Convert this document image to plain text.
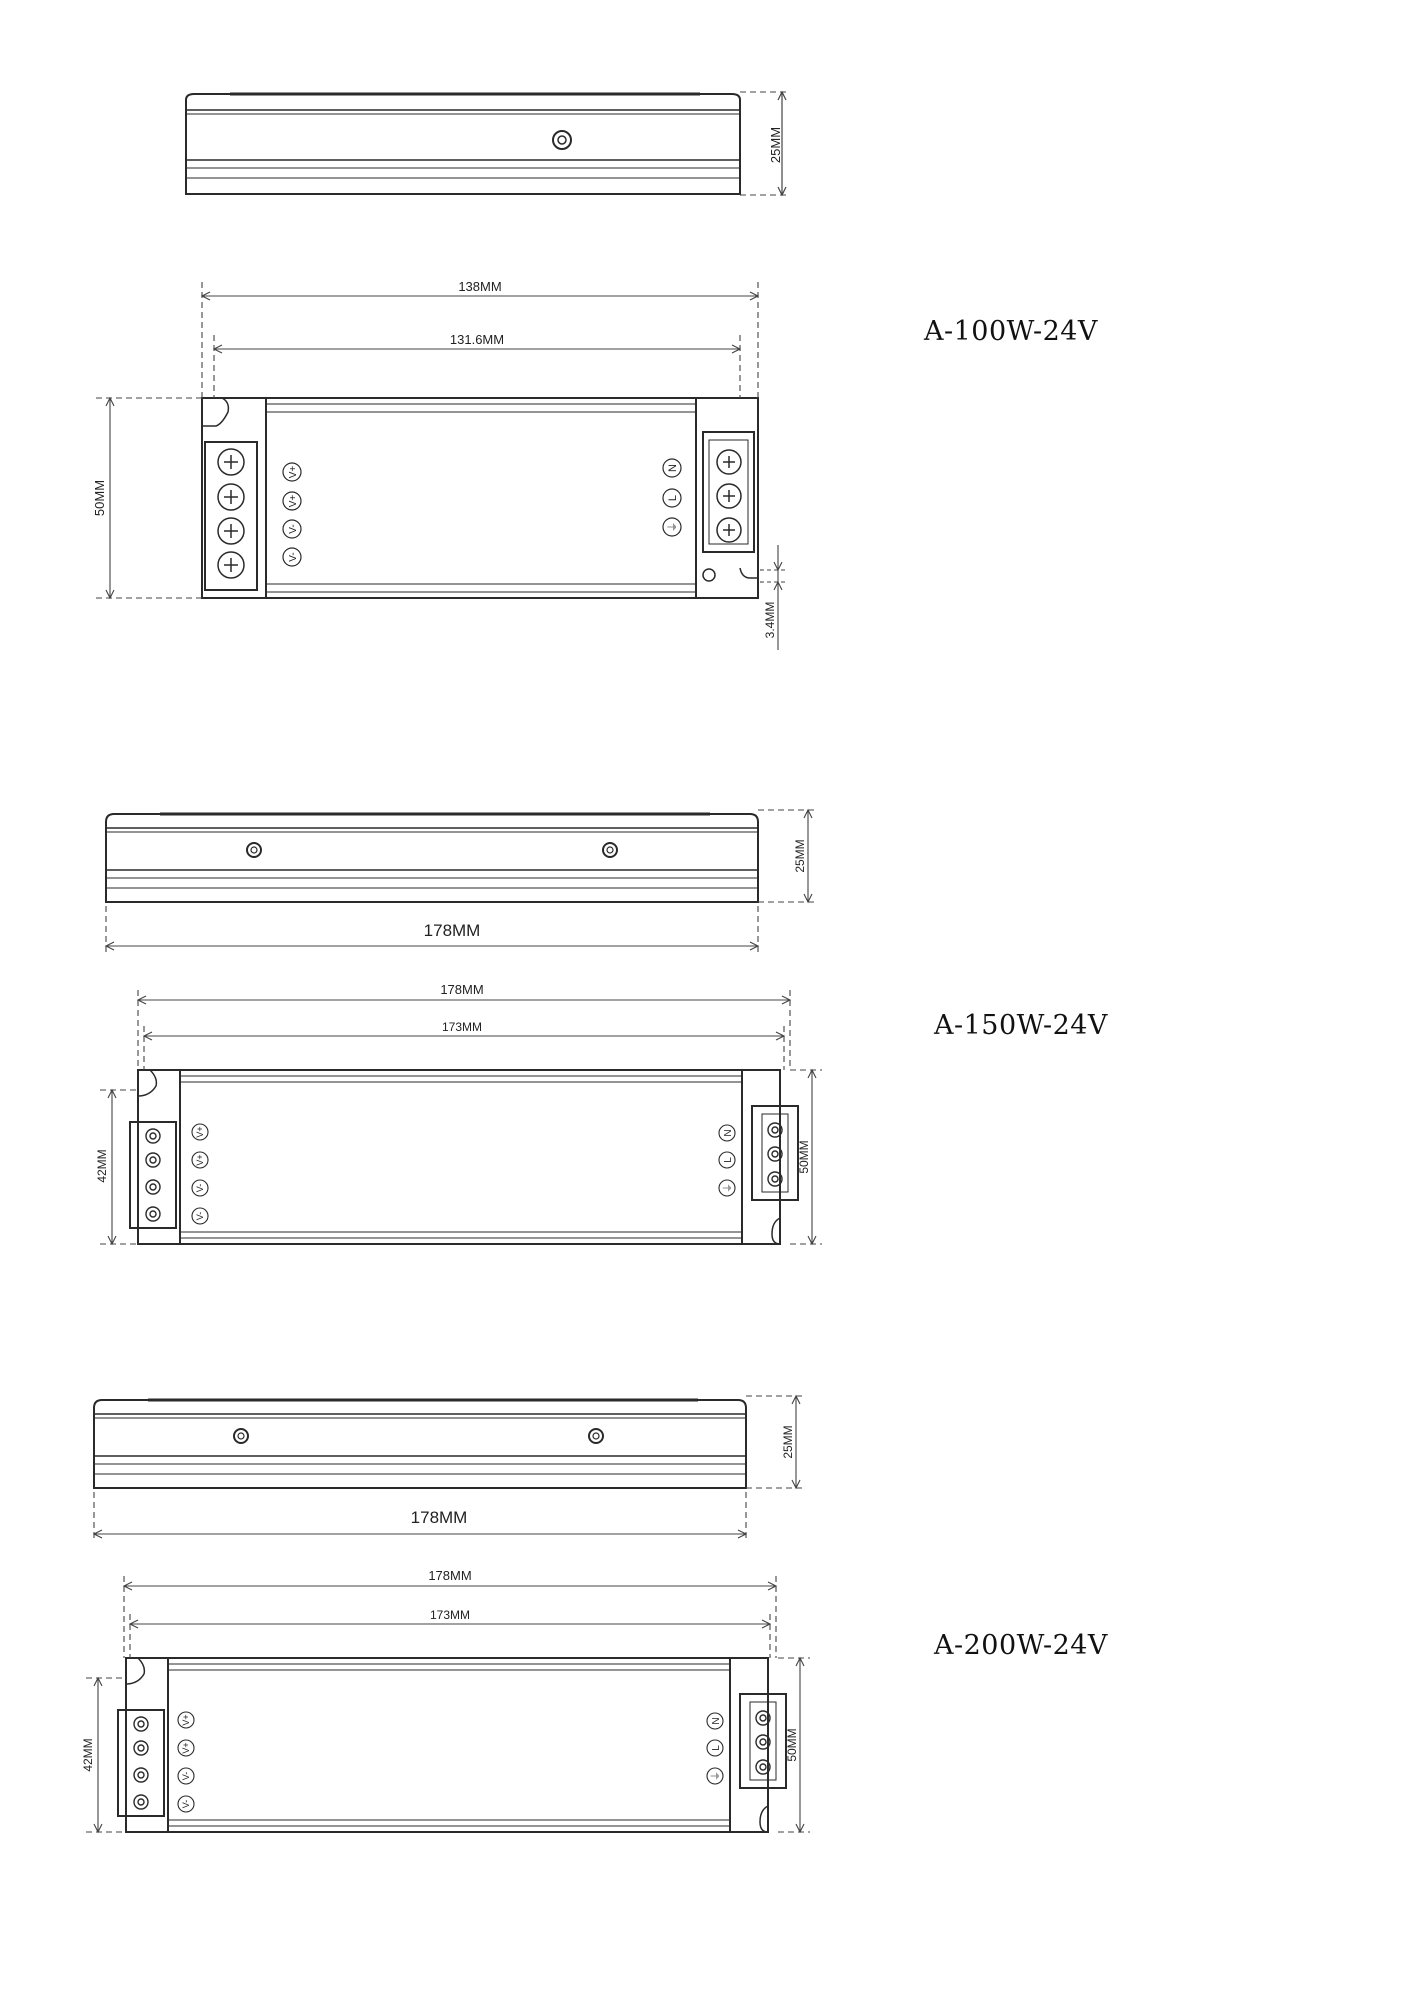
25MM
V+
V+
V-
V-
N
L
⏚
138MM
131.6MM
50MM
3.4MM
25MM
178MM
V+
V+
V-
V-
N
L
⏚
178MM
173MM
42MM	50MM
25MM
178MM
V+
V+
V-
V-
N
L
⏚
178MM
173MM
42MM	50MM
A-100W-24V
A-150W-24V
A-200W-24V
